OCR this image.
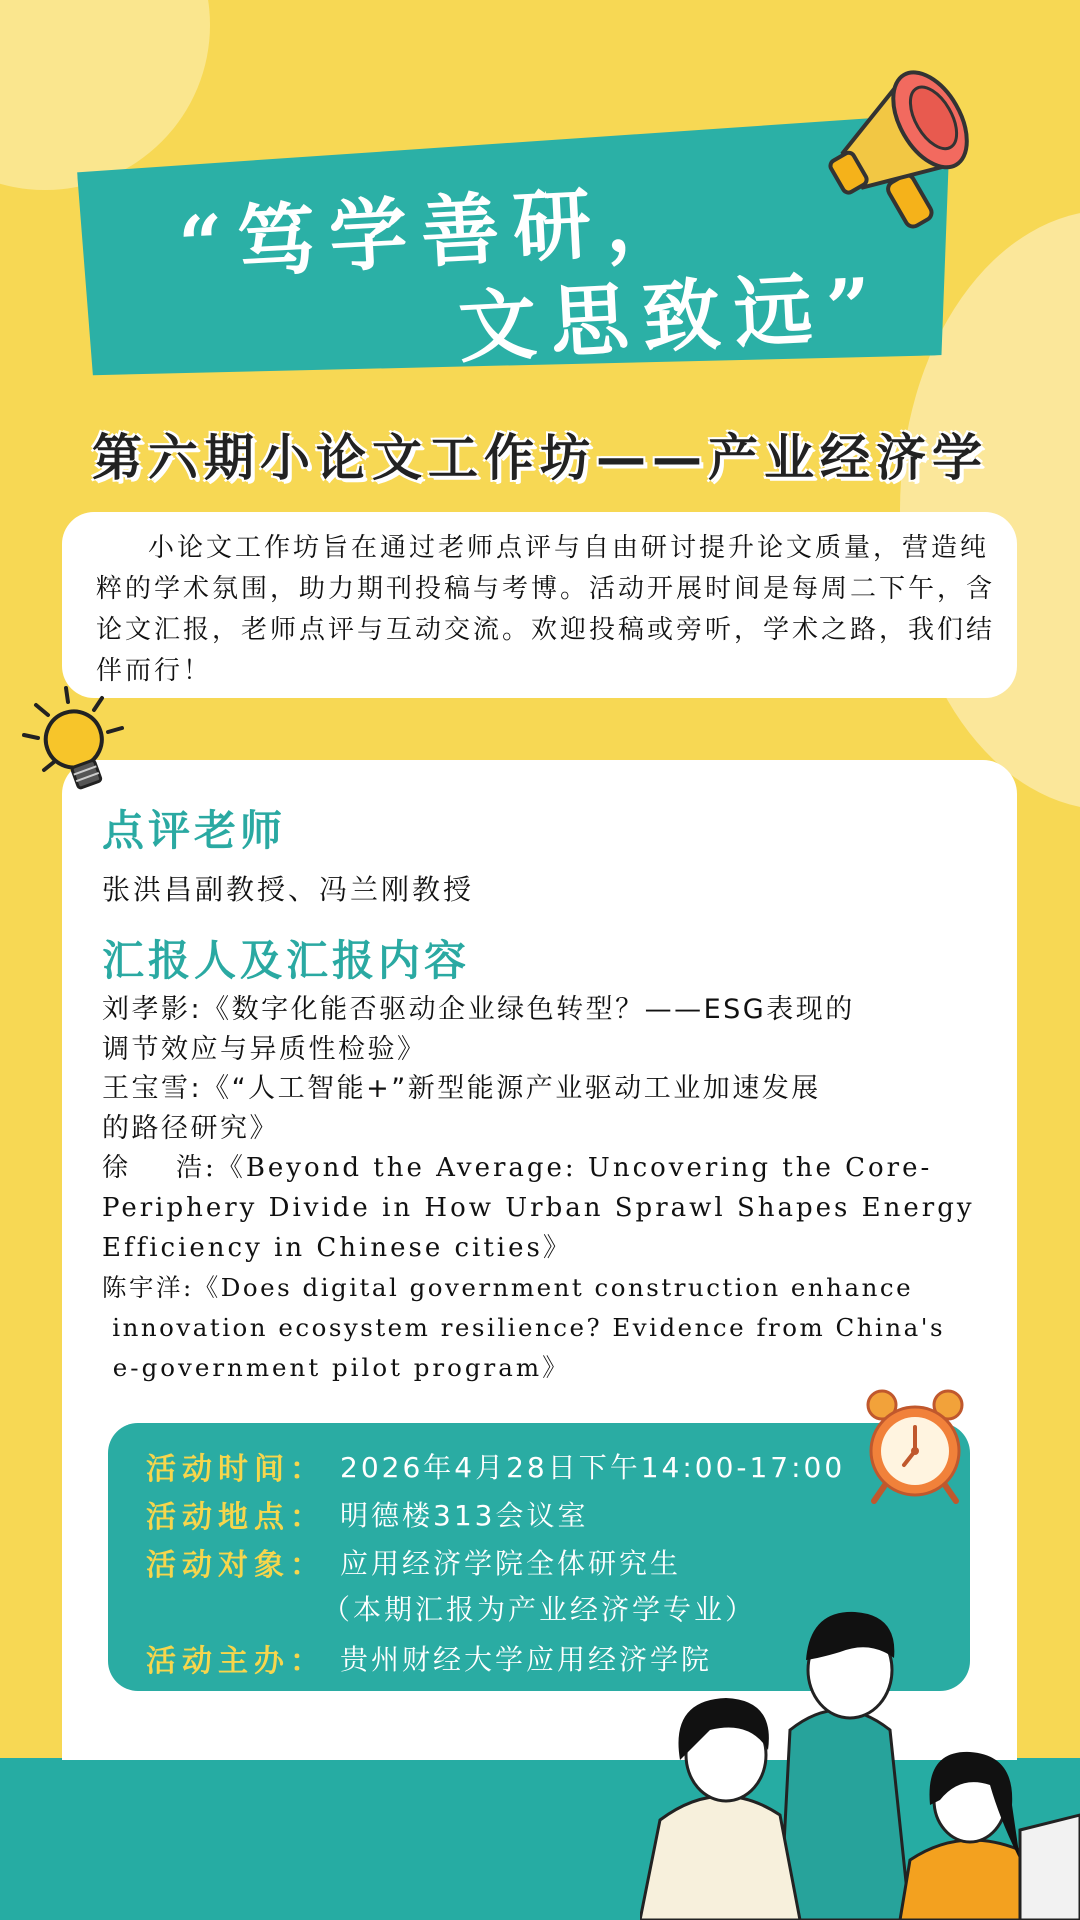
“笃学善研，
文思致远”
第六期小论文工作坊——产业经济学
小论文工作坊旨在通过老师点评与自由研讨提升论文质量，营造纯粹的学术氛围，助力期刊投稿与考博。活动开展时间是每周二下午，含论文汇报，老师点评与互动交流。欢迎投稿或旁听，学术之路，我们结伴而行！
点评老师
张洪昌副教授、冯兰刚教授
汇报人及汇报内容
刘孝影:《数字化能否驱动企业绿色转型？——ESG表现的
调节效应与异质性检验》
王宝雪:《“人工智能+”新型能源产业驱动工业加速发展
的路径研究》
徐    浩:《Beyond the Average: Uncovering the Core-
Periphery Divide in How Urban Sprawl Shapes Energy
Efficiency in Chinese cities》
陈宇洋:《Does digital government construction enhance
innovation ecosystem resilience? Evidence from China's
e-government pilot program》
活动时间： 2026年4月28日下午14:00-17:00
活动地点： 明德楼313会议室
活动对象： 应用经济学院全体研究生
（本期汇报为产业经济学专业）
活动主办： 贵州财经大学应用经济学院
